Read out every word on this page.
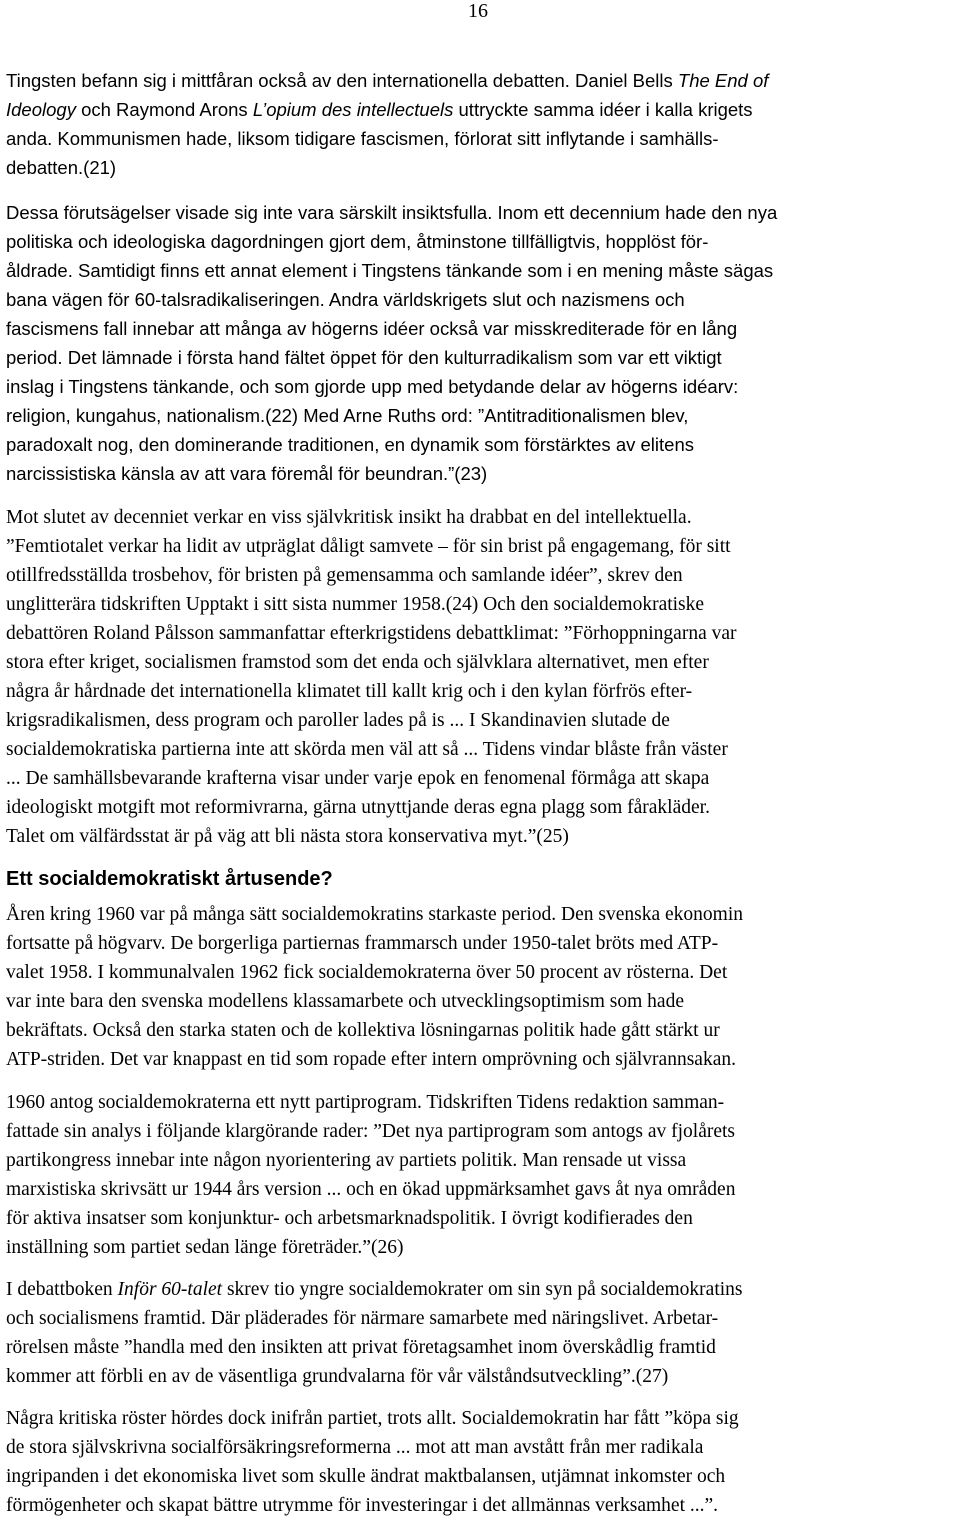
16
Tingsten befann sig i mittfåran också av den internationella debatten. Daniel Bells The End of
Ideology och Raymond Arons L’opium des intellectuels uttryckte samma idéer i kalla krigets
anda. Kommunismen hade, liksom tidigare fascismen, förlorat sitt inflytande i samhälls-
debatten.(21)
Dessa förutsägelser visade sig inte vara särskilt insiktsfulla. Inom ett decennium hade den nya
politiska och ideologiska dagordningen gjort dem, åtminstone tillfälligtvis, hopplöst för-
åldrade. Samtidigt finns ett annat element i Tingstens tänkande som i en mening måste sägas
bana vägen för 60-talsradikaliseringen. Andra världskrigets slut och nazismens och
fascismens fall innebar att många av högerns idéer också var misskrediterade för en lång
period. Det lämnade i första hand fältet öppet för den kulturradikalism som var ett viktigt
inslag i Tingstens tänkande, och som gjorde upp med betydande delar av högerns idéarv:
religion, kungahus, nationalism.(22) Med Arne Ruths ord: ”Antitraditionalismen blev,
paradoxalt nog, den dominerande traditionen, en dynamik som förstärktes av elitens
narcissistiska känsla av att vara föremål för beundran.”(23)
Mot slutet av decenniet verkar en viss självkritisk insikt ha drabbat en del intellektuella.
”Femtiotalet verkar ha lidit av utpräglat dåligt samvete – för sin brist på engagemang, för sitt
otillfredsställda trosbehov, för bristen på gemensamma och samlande idéer”, skrev den
unglitterära tidskriften Upptakt i sitt sista nummer 1958.(24) Och den socialdemokratiske
debattören Roland Pålsson sammanfattar efterkrigstidens debattklimat: ”Förhoppningarna var
stora efter kriget, socialismen framstod som det enda och självklara alternativet, men efter
några år hårdnade det internationella klimatet till kallt krig och i den kylan förfrös efter-
krigsradikalismen, dess program och paroller lades på is ... I Skandinavien slutade de
socialdemokratiska partierna inte att skörda men väl att så ... Tidens vindar blåste från väster
... De samhällsbevarande krafterna visar under varje epok en fenomenal förmåga att skapa
ideologiskt motgift mot reformivrarna, gärna utnyttjande deras egna plagg som fårakläder.
Talet om välfärdsstat är på väg att bli nästa stora konservativa myt.”(25)
Ett socialdemokratiskt årtusende?
Åren kring 1960 var på många sätt socialdemokratins starkaste period. Den svenska ekonomin
fortsatte på högvarv. De borgerliga partiernas frammarsch under 1950-talet bröts med ATP-
valet 1958. I kommunalvalen 1962 fick socialdemokraterna över 50 procent av rösterna. Det
var inte bara den svenska modellens klassamarbete och utvecklingsoptimism som hade
bekräftats. Också den starka staten och de kollektiva lösningarnas politik hade gått stärkt ur
ATP-striden. Det var knappast en tid som ropade efter intern omprövning och självrannsakan.
1960 antog socialdemokraterna ett nytt partiprogram. Tidskriften Tidens redaktion samman-
fattade sin analys i följande klargörande rader: ”Det nya partiprogram som antogs av fjolårets
partikongress innebar inte någon nyorientering av partiets politik. Man rensade ut vissa
marxistiska skrivsätt ur 1944 års version ... och en ökad uppmärksamhet gavs åt nya områden
för aktiva insatser som konjunktur- och arbetsmarknadspolitik. I övrigt kodifierades den
inställning som partiet sedan länge företräder.”(26)
I debattboken Inför 60-talet skrev tio yngre socialdemokrater om sin syn på socialdemokratins
och socialismens framtid. Där pläderades för närmare samarbete med näringslivet. Arbetar-
rörelsen måste ”handla med den insikten att privat företagsamhet inom överskådlig framtid
kommer att förbli en av de väsentliga grundvalarna för vår välståndsutveckling”.(27)
Några kritiska röster hördes dock inifrån partiet, trots allt. Socialdemokratin har fått ”köpa sig
de stora självskrivna socialförsäkringsreformerna ... mot att man avstått från mer radikala
ingripanden i det ekonomiska livet som skulle ändrat maktbalansen, utjämnat inkomster och
förmögenheter och skapat bättre utrymme för investeringar i det allmännas verksamhet ...”.
